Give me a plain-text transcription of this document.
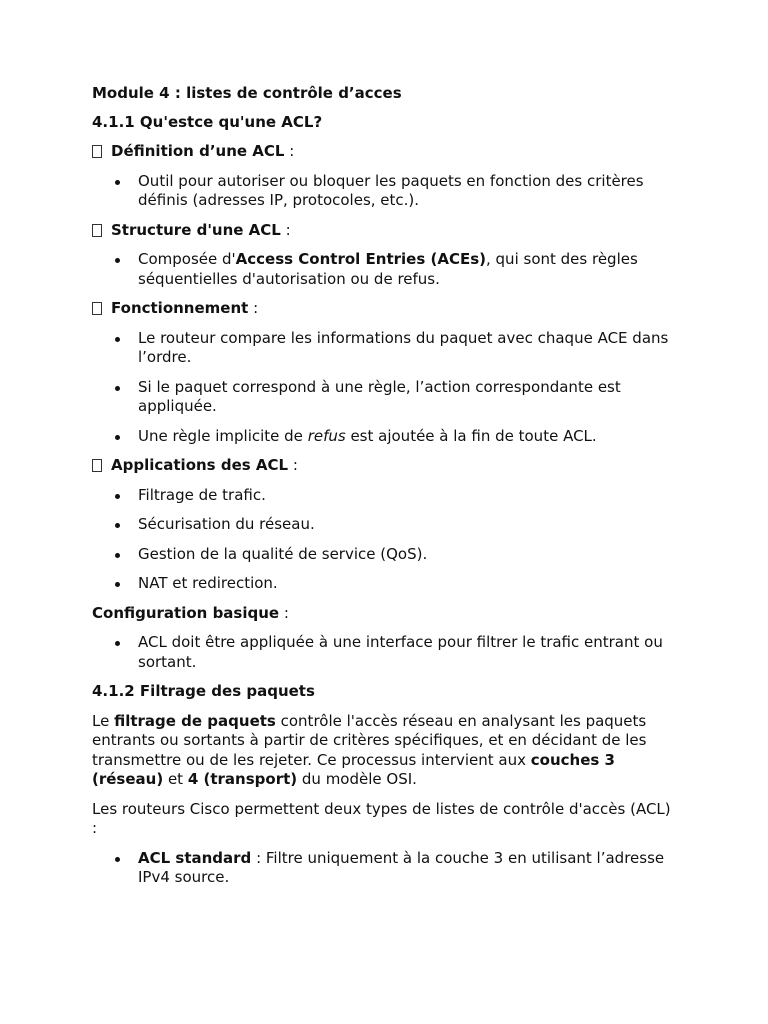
Module 4 : listes de contrôle d’acces
4.1.1 Qu'estce qu'une ACL?
Définition d’une ACL :
Outil pour autoriser ou bloquer les paquets en fonction des critères définis (adresses IP, protocoles, etc.).
Structure d'une ACL :
Composée d'Access Control Entries (ACEs), qui sont des règles séquentielles d'autorisation ou de refus.
Fonctionnement :
Le routeur compare les informations du paquet avec chaque ACE dans l’ordre.
Si le paquet correspond à une règle, l’action correspondante est appliquée.
Une règle implicite de refus est ajoutée à la fin de toute ACL.
Applications des ACL :
Filtrage de trafic.
Sécurisation du réseau.
Gestion de la qualité de service (QoS).
NAT et redirection.
Configuration basique :
ACL doit être appliquée à une interface pour filtrer le trafic entrant ou sortant.
4.1.2 Filtrage des paquets

Le filtrage de paquets contrôle l'accès réseau en analysant les paquets entrants ou sortants à partir de critères spécifiques, et en décidant de les transmettre ou de les rejeter. Ce processus intervient aux couches 3 (réseau) et 4 (transport) du modèle OSI.

Les routeurs Cisco permettent deux types de listes de contrôle d'accès (ACL) :

ACL standard : Filtre uniquement à la couche 3 en utilisant l’adresse IPv4 source.
